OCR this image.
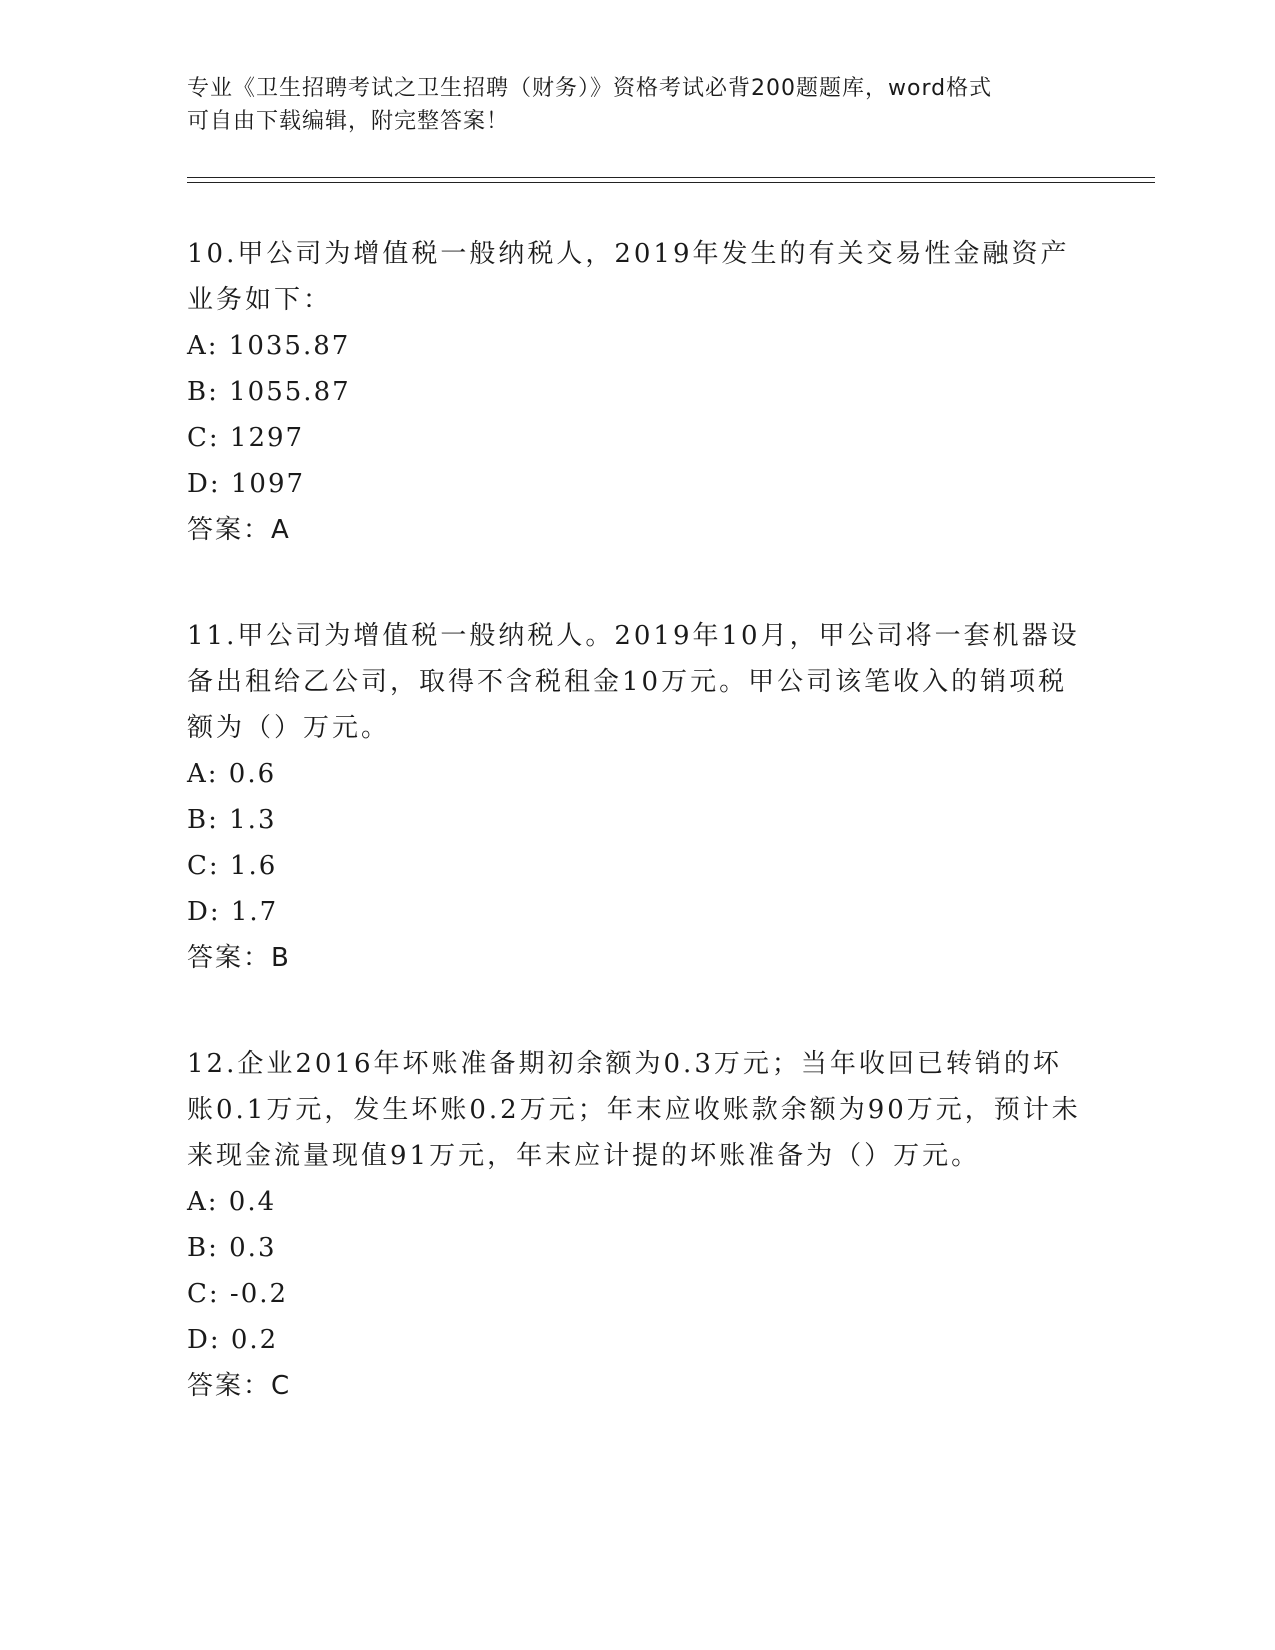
专业《卫生招聘考试之卫生招聘（财务）》资格考试必背200题题库，word格式
可自由下载编辑，附完整答案！
10.甲公司为增值税一般纳税人，2019年发生的有关交易性金融资产业务如下：
A: 1035.87
B: 1055.87
C: 1297
D: 1097
答案：A
11.甲公司为增值税一般纳税人。2019年10月，甲公司将一套机器设备出租给乙公司，取得不含税租金10万元。甲公司该笔收入的销项税额为（）万元。
A: 0.6
B: 1.3
C: 1.6
D: 1.7
答案：B
12.企业2016年坏账准备期初余额为0.3万元；当年收回已转销的坏账0.1万元，发生坏账0.2万元；年末应收账款余额为90万元，预计未来现金流量现值91万元，年末应计提的坏账准备为（）万元。
A: 0.4
B: 0.3
C: -0.2
D: 0.2
答案：C
